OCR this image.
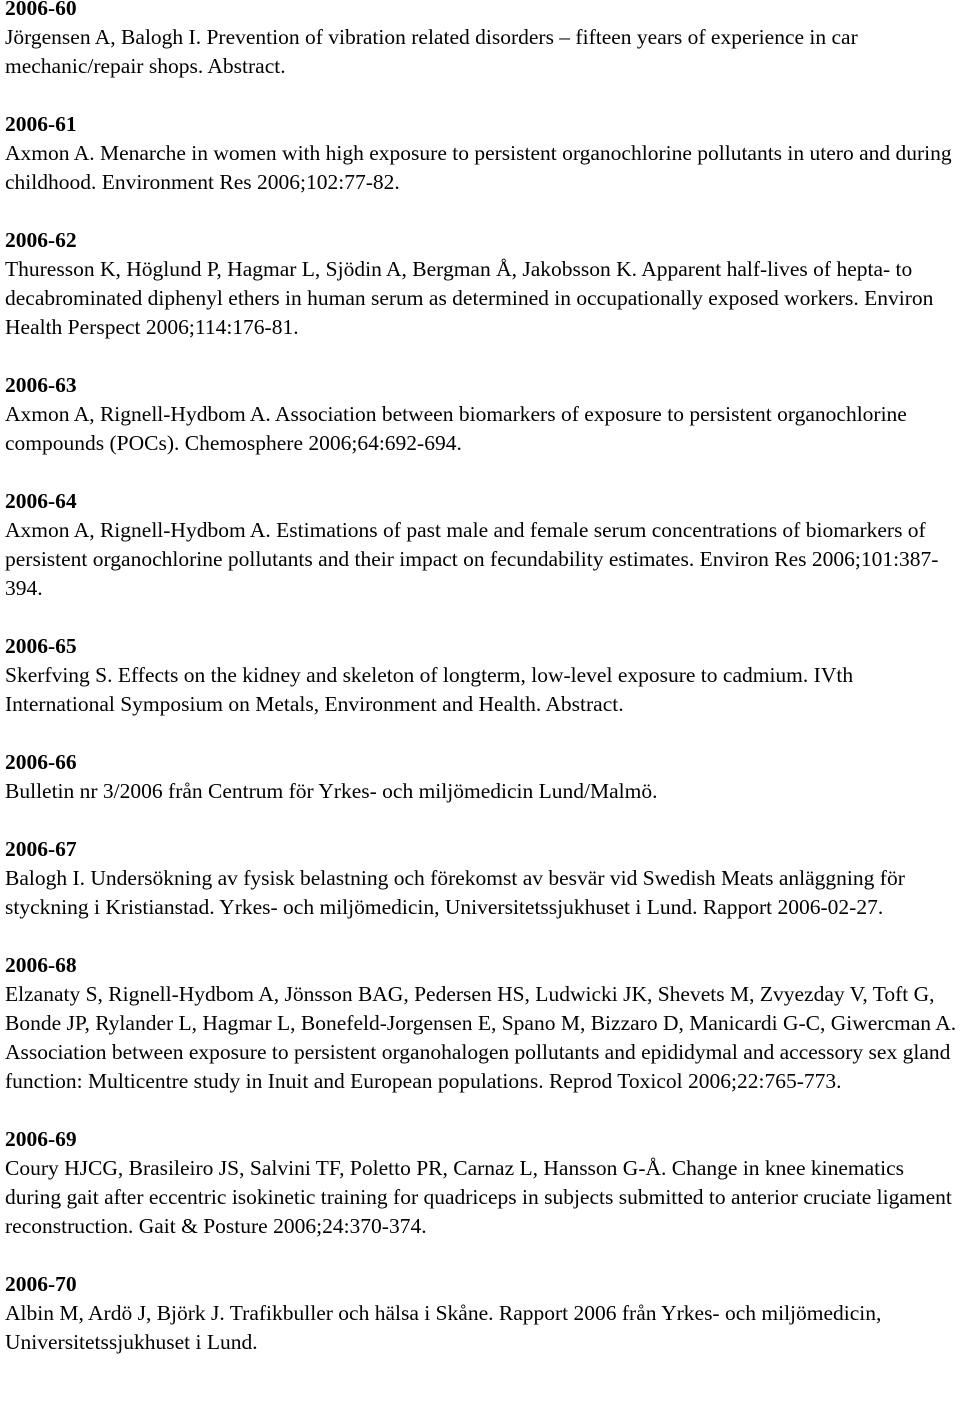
2006-60

Jörgensen A, Balogh I. Prevention of vibration related disorders – fifteen years of experience in car mechanic/repair shops. Abstract.

2006-61

Axmon A. Menarche in women with high exposure to persistent organochlorine pollutants in utero and during childhood. Environment Res 2006;102:77-82.

2006-62

Thuresson K, Höglund P, Hagmar L, Sjödin A, Bergman Å, Jakobsson K. Apparent half-lives of hepta- to decabrominated diphenyl ethers in human serum as determined in occupationally exposed workers. Environ Health Perspect 2006;114:176-81.

2006-63

Axmon A, Rignell-Hydbom A. Association between biomarkers of exposure to persistent organochlorine compounds (POCs). Chemosphere 2006;64:692-694.

2006-64

Axmon A, Rignell-Hydbom A. Estimations of past male and female serum concentrations of biomarkers of persistent organochlorine pollutants and their impact on fecundability estimates. Environ Res 2006;101:387-394.

2006-65

Skerfving S. Effects on the kidney and skeleton of longterm, low-level exposure to cadmium. IVth International Symposium on Metals, Environment and Health. Abstract.

2006-66

Bulletin nr 3/2006 från Centrum för Yrkes- och miljömedicin Lund/Malmö.

2006-67

Balogh I. Undersökning av fysisk belastning och förekomst av besvär vid Swedish Meats anläggning för styckning i Kristianstad. Yrkes- och miljömedicin, Universitetssjukhuset i Lund. Rapport 2006-02-27.

2006-68

Elzanaty S, Rignell-Hydbom A, Jönsson BAG, Pedersen HS, Ludwicki JK, Shevets M, Zvyezday V, Toft G, Bonde JP, Rylander L, Hagmar L, Bonefeld-Jorgensen E, Spano M, Bizzaro D, Manicardi G-C, Giwercman A. Association between exposure to persistent organohalogen pollutants and epididymal and accessory sex gland function: Multicentre study in Inuit and European populations. Reprod Toxicol 2006;22:765-773.

2006-69

Coury HJCG, Brasileiro JS, Salvini TF, Poletto PR, Carnaz L, Hansson G-Å. Change in knee kinematics during gait after eccentric isokinetic training for quadriceps in subjects submitted to anterior cruciate ligament reconstruction. Gait & Posture 2006;24:370-374.

2006-70

Albin M, Ardö J, Björk J. Trafikbuller och hälsa i Skåne. Rapport 2006 från Yrkes- och miljömedicin, Universitetssjukhuset i Lund.
